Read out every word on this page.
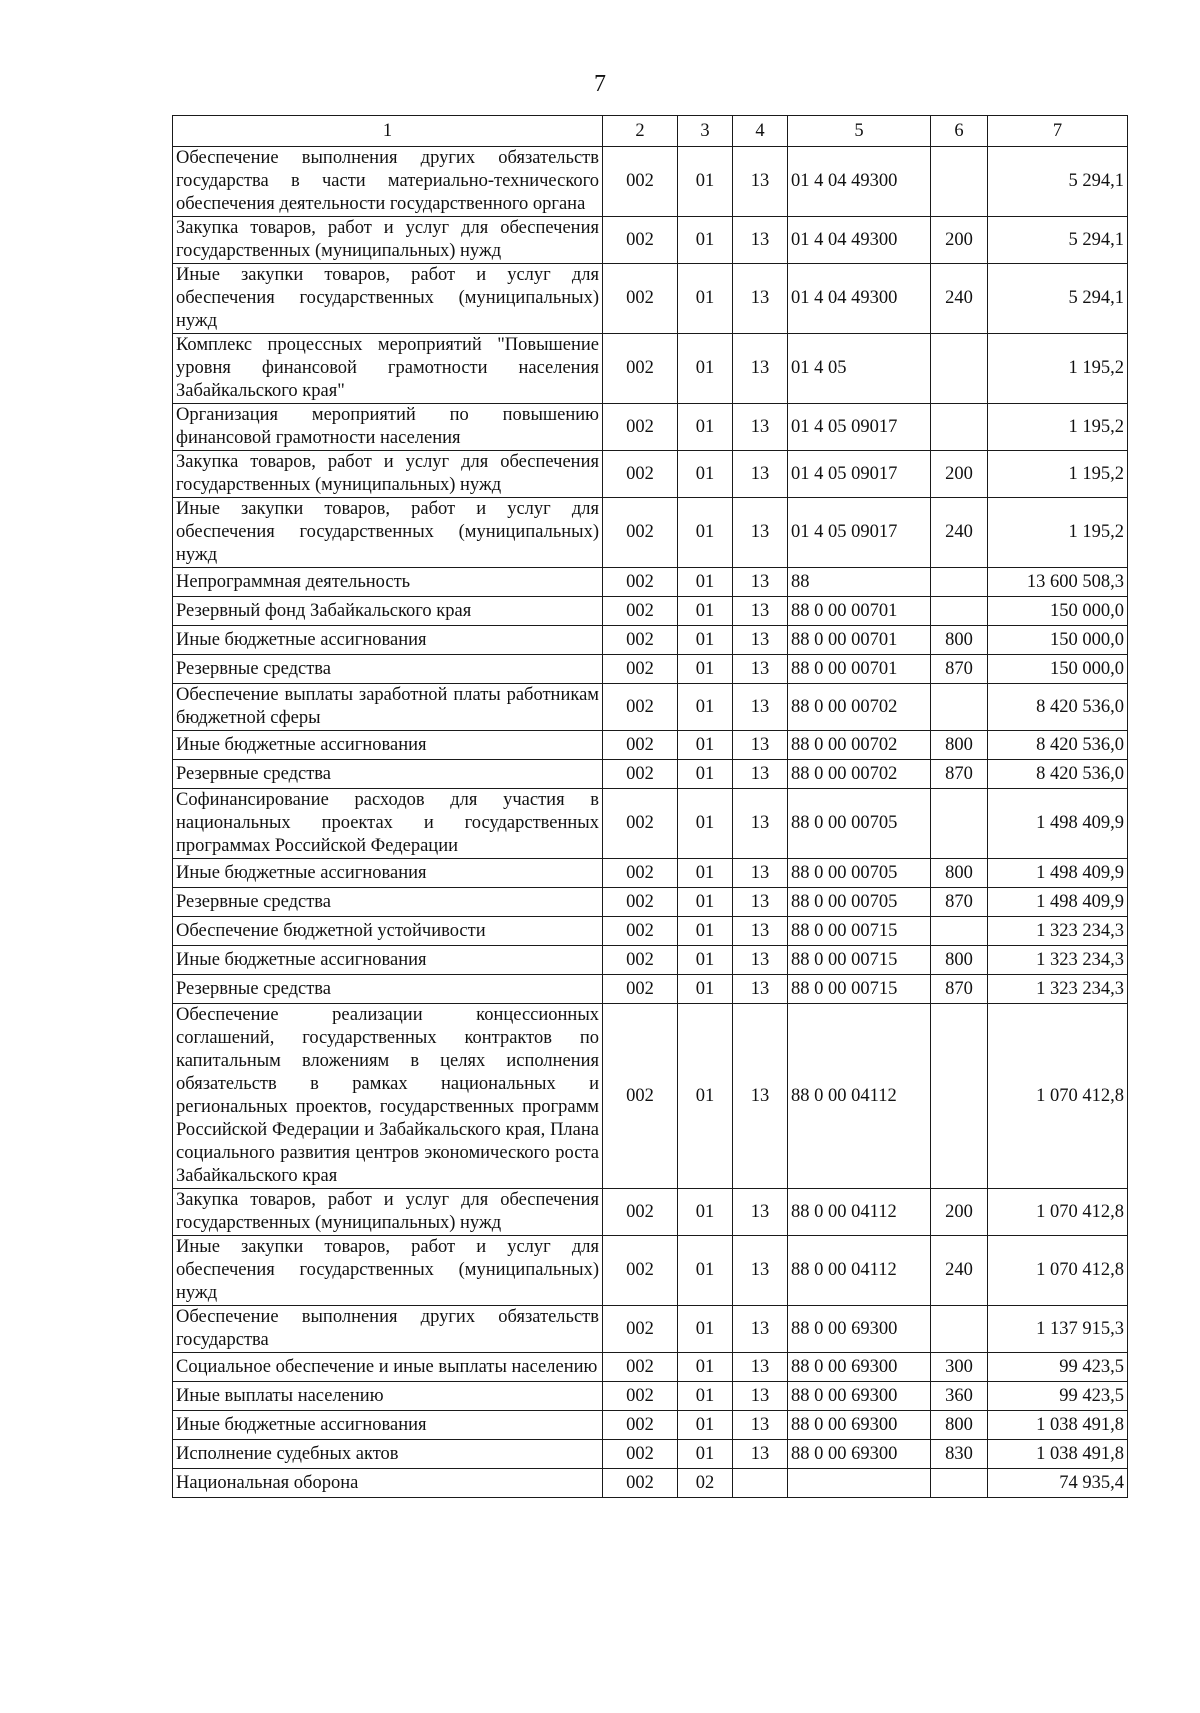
7
1	2	3	4	5	6	7
Обеспечение выполнения других обязательств государства в части материально-технического обеспечения деятельности государственного органа	002	01	13	01 4 04 49300		5 294,1
Закупка товаров, работ и услуг для обеспечения государственных (муниципальных) нужд	002	01	13	01 4 04 49300	200	5 294,1
Иные закупки товаров, работ и услуг для обеспечения государственных (муниципальных) нужд	002	01	13	01 4 04 49300	240	5 294,1
Комплекс процессных мероприятий "Повышение уровня финансовой грамотности населения Забайкальского края"	002	01	13	01 4 05		1 195,2
Организация мероприятий по повышению финансовой грамотности населения	002	01	13	01 4 05 09017		1 195,2
Закупка товаров, работ и услуг для обеспечения государственных (муниципальных) нужд	002	01	13	01 4 05 09017	200	1 195,2
Иные закупки товаров, работ и услуг для обеспечения государственных (муниципальных) нужд	002	01	13	01 4 05 09017	240	1 195,2
Непрограммная деятельность	002	01	13	88		13 600 508,3
Резервный фонд Забайкальского края	002	01	13	88 0 00 00701		150 000,0
Иные бюджетные ассигнования	002	01	13	88 0 00 00701	800	150 000,0
Резервные средства	002	01	13	88 0 00 00701	870	150 000,0
Обеспечение выплаты заработной платы работникам бюджетной сферы	002	01	13	88 0 00 00702		8 420 536,0
Иные бюджетные ассигнования	002	01	13	88 0 00 00702	800	8 420 536,0
Резервные средства	002	01	13	88 0 00 00702	870	8 420 536,0
Софинансирование расходов для участия в национальных проектах и государственных программах Российской Федерации	002	01	13	88 0 00 00705		1 498 409,9
Иные бюджетные ассигнования	002	01	13	88 0 00 00705	800	1 498 409,9
Резервные средства	002	01	13	88 0 00 00705	870	1 498 409,9
Обеспечение бюджетной устойчивости	002	01	13	88 0 00 00715		1 323 234,3
Иные бюджетные ассигнования	002	01	13	88 0 00 00715	800	1 323 234,3
Резервные средства	002	01	13	88 0 00 00715	870	1 323 234,3
Обеспечение реализации концессионных соглашений, государственных контрактов по капитальным вложениям в целях исполнения обязательств в рамках национальных и региональных проектов, государственных программ Российской Федерации и Забайкальского края, Плана социального развития центров экономического роста Забайкальского края	002	01	13	88 0 00 04112		1 070 412,8
Закупка товаров, работ и услуг для обеспечения государственных (муниципальных) нужд	002	01	13	88 0 00 04112	200	1 070 412,8
Иные закупки товаров, работ и услуг для обеспечения государственных (муниципальных) нужд	002	01	13	88 0 00 04112	240	1 070 412,8
Обеспечение выполнения других обязательств государства	002	01	13	88 0 00 69300		1 137 915,3
Социальное обеспечение и иные выплаты населению	002	01	13	88 0 00 69300	300	99 423,5
Иные выплаты населению	002	01	13	88 0 00 69300	360	99 423,5
Иные бюджетные ассигнования	002	01	13	88 0 00 69300	800	1 038 491,8
Исполнение судебных актов	002	01	13	88 0 00 69300	830	1 038 491,8
Национальная оборона	002	02				74 935,4
